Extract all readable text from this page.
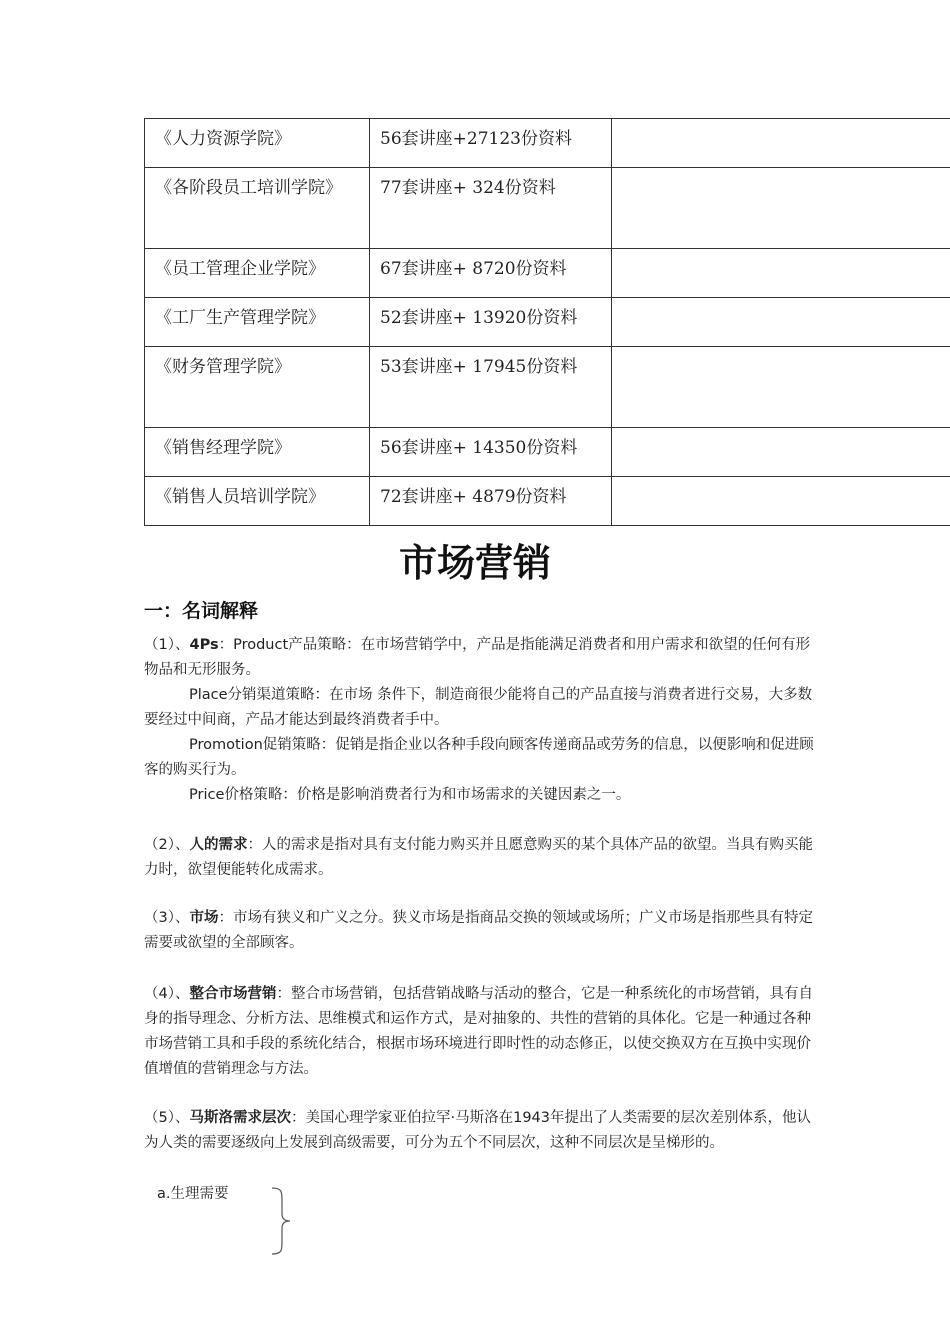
《人力资源学院》	56套讲座+27123份资料	

《各阶段员工培训学院》	77套讲座+ 324份资料	

《员工管理企业学院》	67套讲座+ 8720份资料	

《工厂生产管理学院》	52套讲座+ 13920份资料	

《财务管理学院》	53套讲座+ 17945份资料	

《销售经理学院》	56套讲座+ 14350份资料	

《销售人员培训学院》	72套讲座+ 4879份资料	

市场营销
一：名词解释

（1）、4Ps：Product产品策略：在市场营销学中，产品是指能满足消费者和用户需求和欲望的任何有形物品和无形服务。

Place分销渠道策略：在市场 条件下，制造商很少能将自己的产品直接与消费者进行交易，大多数要经过中间商，产品才能达到最终消费者手中。

Promotion促销策略：促销是指企业以各种手段向顾客传递商品或劳务的信息，以便影响和促进顾客的购买行为。

Price价格策略：价格是影响消费者行为和市场需求的关键因素之一。

（2）、人的需求：人的需求是指对具有支付能力购买并且愿意购买的某个具体产品的欲望。当具有购买能力时，欲望便能转化成需求。

（3）、市场：市场有狭义和广义之分。狭义市场是指商品交换的领域或场所；广义市场是指那些具有特定需要或欲望的全部顾客。

（4）、整合市场营销：整合市场营销，包括营销战略与活动的整合，它是一种系统化的市场营销，具有自身的指导理念、分析方法、思维模式和运作方式，是对抽象的、共性的营销的具体化。它是一种通过各种市场营销工具和手段的系统化结合，根据市场环境进行即时性的动态修正，以使交换双方在互换中实现价值增值的营销理念与方法。

（5）、马斯洛需求层次：美国心理学家亚伯拉罕·马斯洛在1943年提出了人类需要的层次差别体系，他认为人类的需要逐级向上发展到高级需要，可分为五个不同层次，这种不同层次是呈梯形的。

a.生理需要
